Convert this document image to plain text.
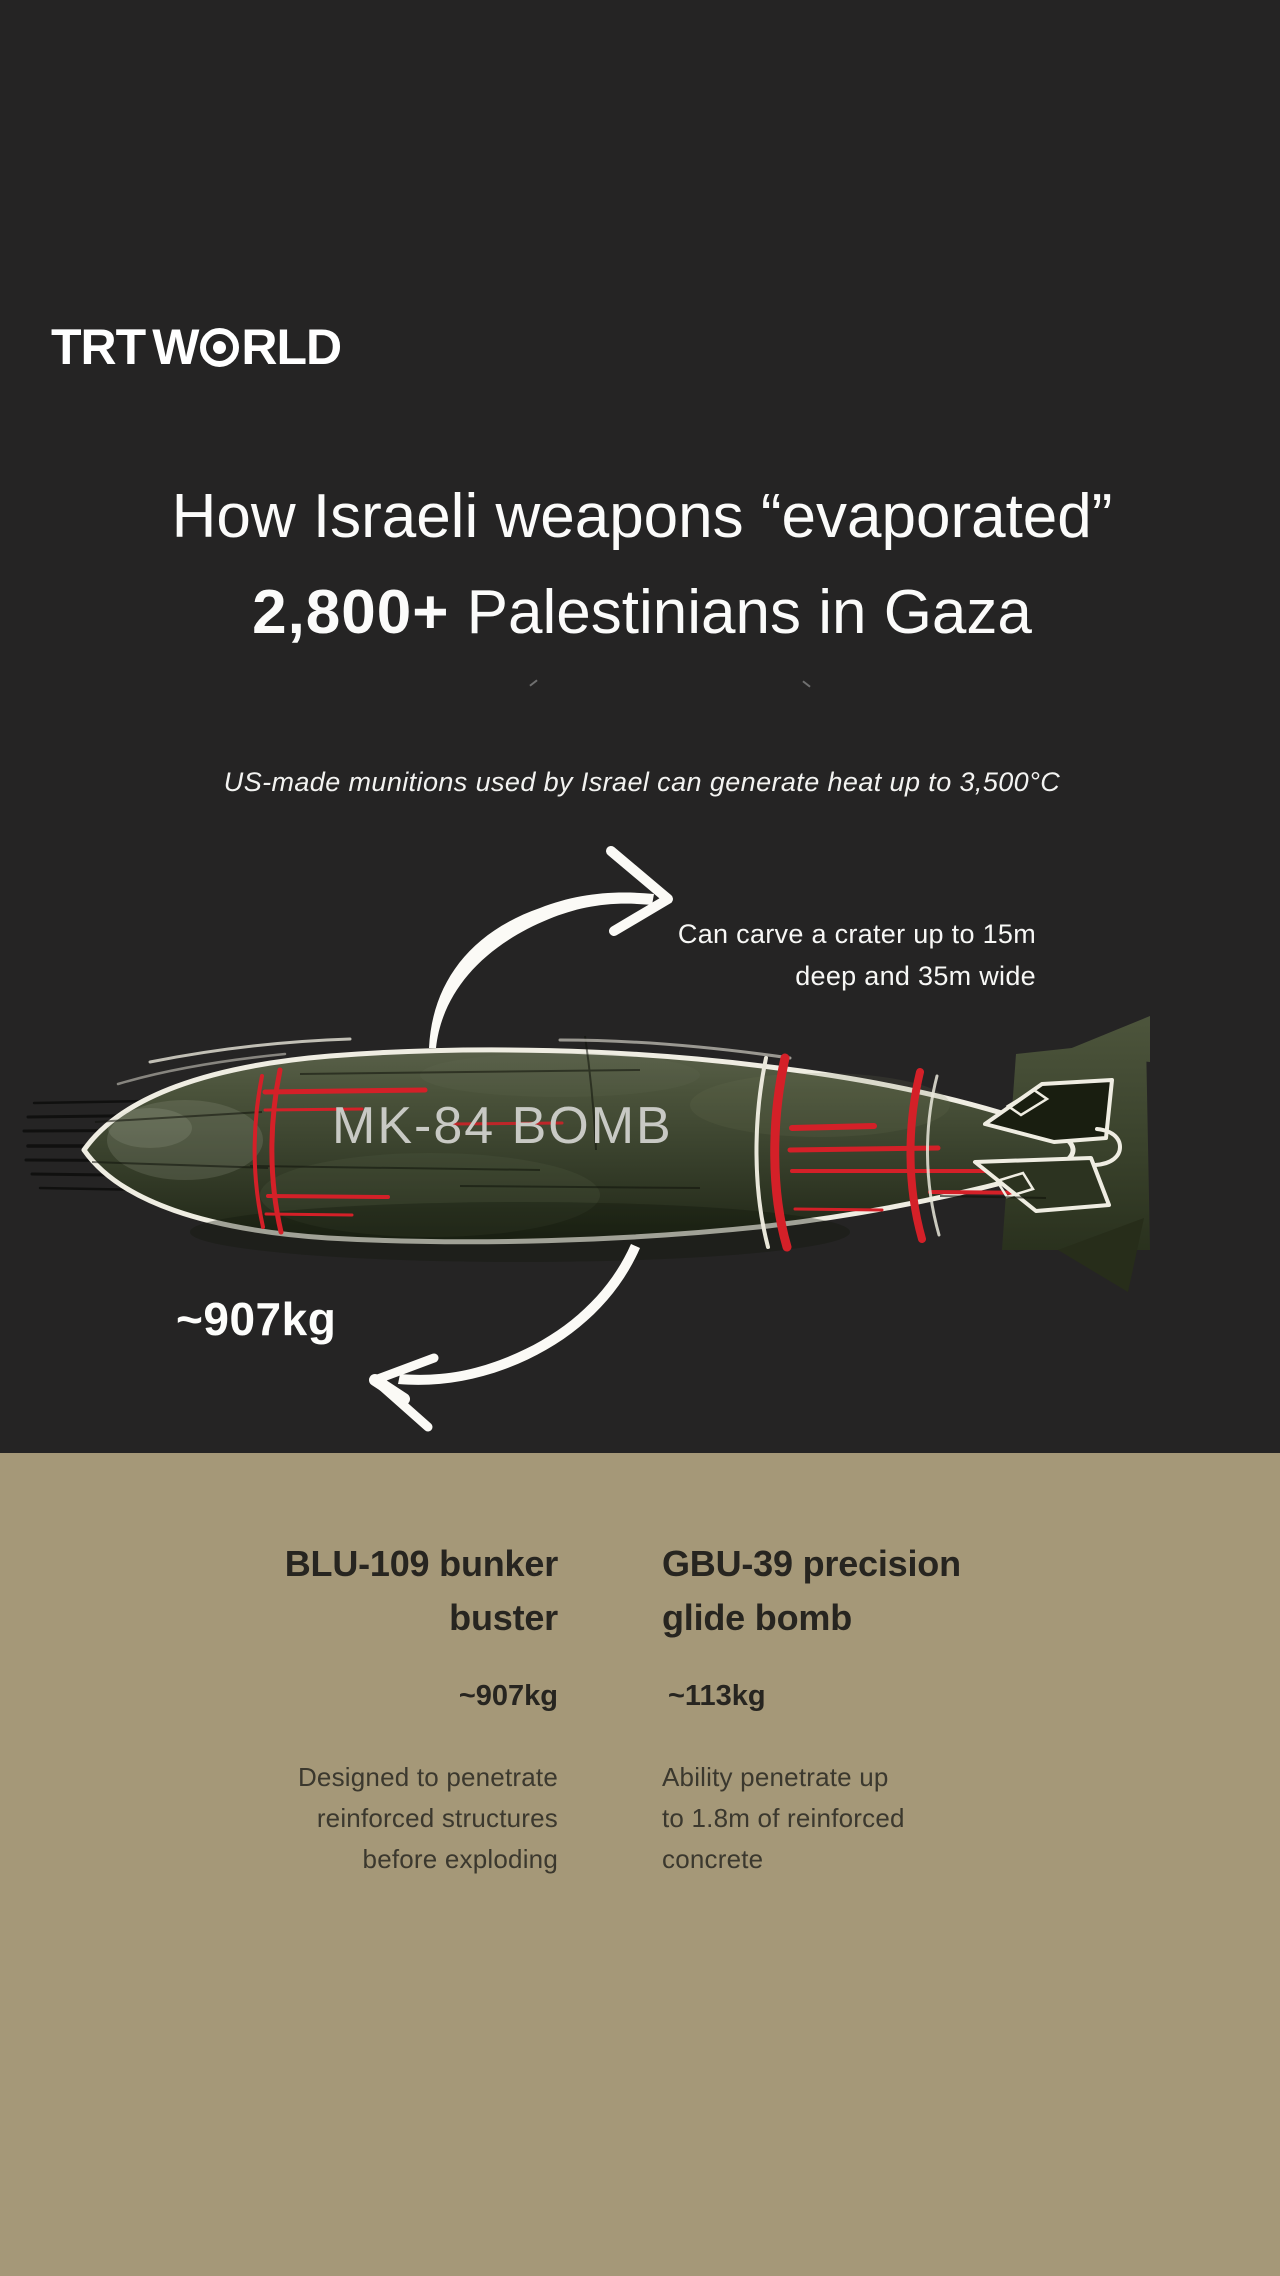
TRT W RLD
How Israeli weapons “evaporated”
2,800+ Palestinians in Gaza

US-made munitions used by Israel can generate heat up to 3,500°C

MK-84 BOMB
Can carve a crater up to 15m
deep and 35m wide
~907kg
BLU-109 bunker
buster
~907kg
Designed to penetrate
reinforced structures
before exploding
GBU-39 precision
glide bomb
~113kg
Ability penetrate up
to 1.8m of reinforced
concrete
